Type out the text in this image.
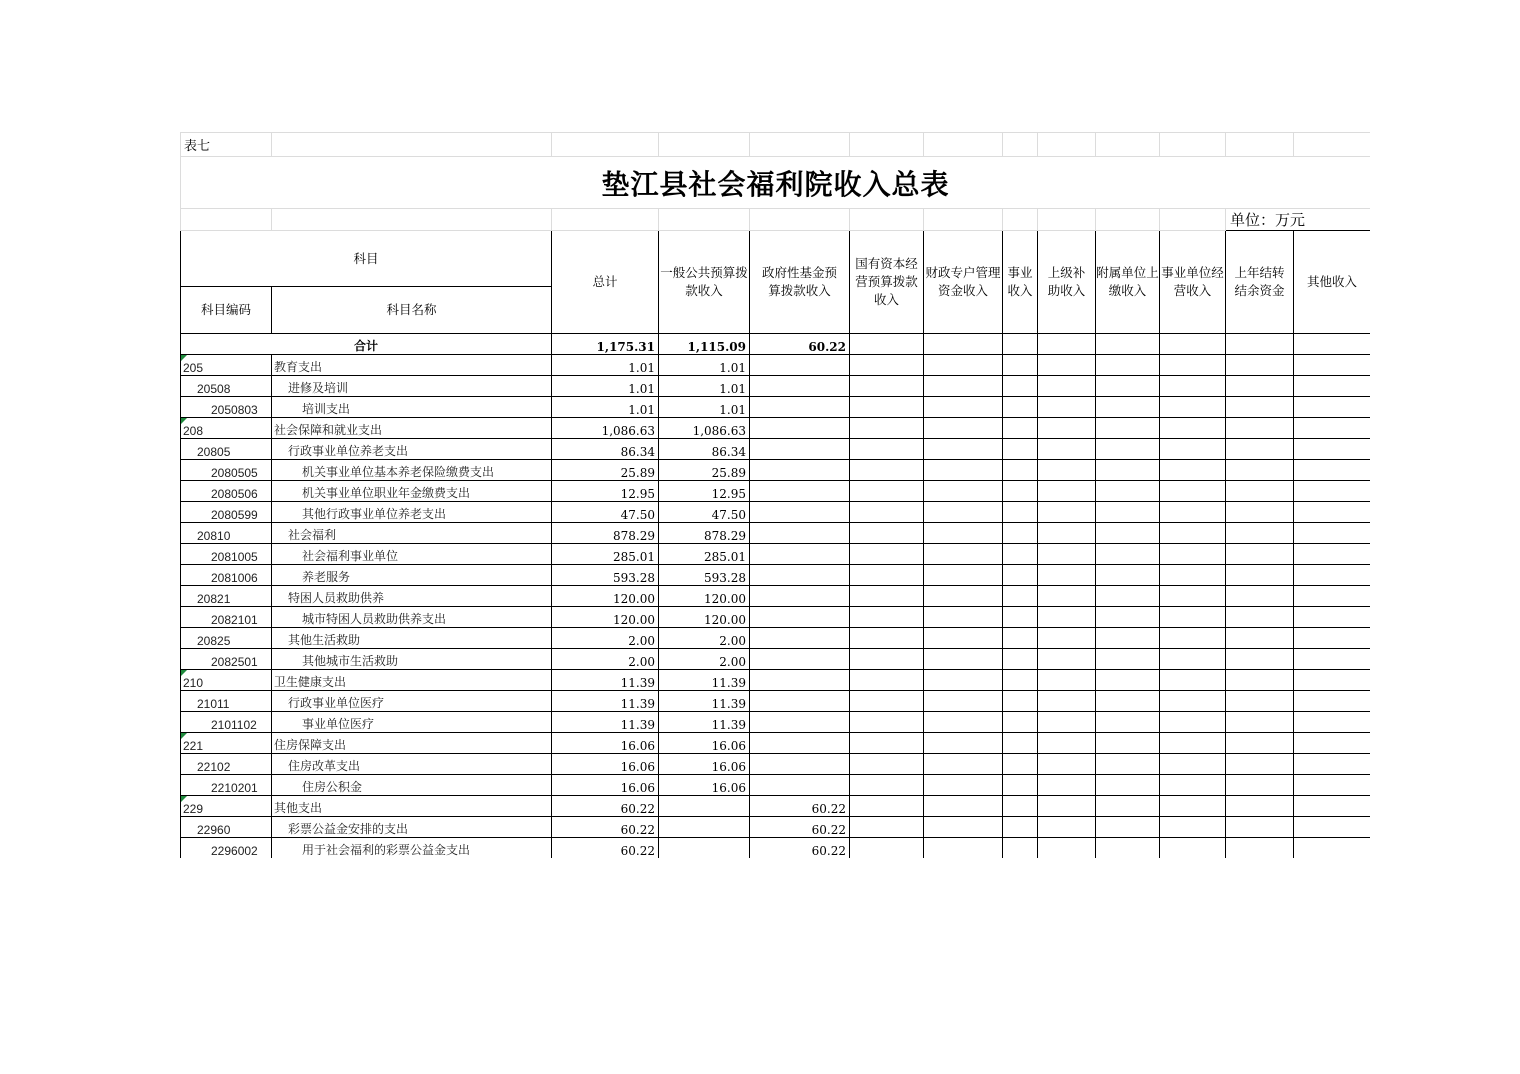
表七												
垫江县社会福利院收入总表												
											单位：万元	
科目		总计	一般公共预算拨款收入	政府性基金预算拨款收入	国有资本经营预算拨款收入	财政专户管理资金收入	事业收入	上级补助收入	附属单位上缴收入	事业单位经营收入	上年结转结余资金	其他收入
科目编码	科目名称											
合计		1,175.31	1,115.09	60.22								
205	教育支出	1.01	1.01									
20508	进修及培训	1.01	1.01									
2050803	培训支出	1.01	1.01									
208	社会保障和就业支出	1,086.63	1,086.63									
20805	行政事业单位养老支出	86.34	86.34									
2080505	机关事业单位基本养老保险缴费支出	25.89	25.89									
2080506	机关事业单位职业年金缴费支出	12.95	12.95									
2080599	其他行政事业单位养老支出	47.50	47.50									
20810	社会福利	878.29	878.29									
2081005	社会福利事业单位	285.01	285.01									
2081006	养老服务	593.28	593.28									
20821	特困人员救助供养	120.00	120.00									
2082101	城市特困人员救助供养支出	120.00	120.00									
20825	其他生活救助	2.00	2.00									
2082501	其他城市生活救助	2.00	2.00									
210	卫生健康支出	11.39	11.39									
21011	行政事业单位医疗	11.39	11.39									
2101102	事业单位医疗	11.39	11.39									
221	住房保障支出	16.06	16.06									
22102	住房改革支出	16.06	16.06									
2210201	住房公积金	16.06	16.06									
229	其他支出	60.22		60.22								
22960	彩票公益金安排的支出	60.22		60.22								
2296002	用于社会福利的彩票公益金支出	60.22		60.22								
